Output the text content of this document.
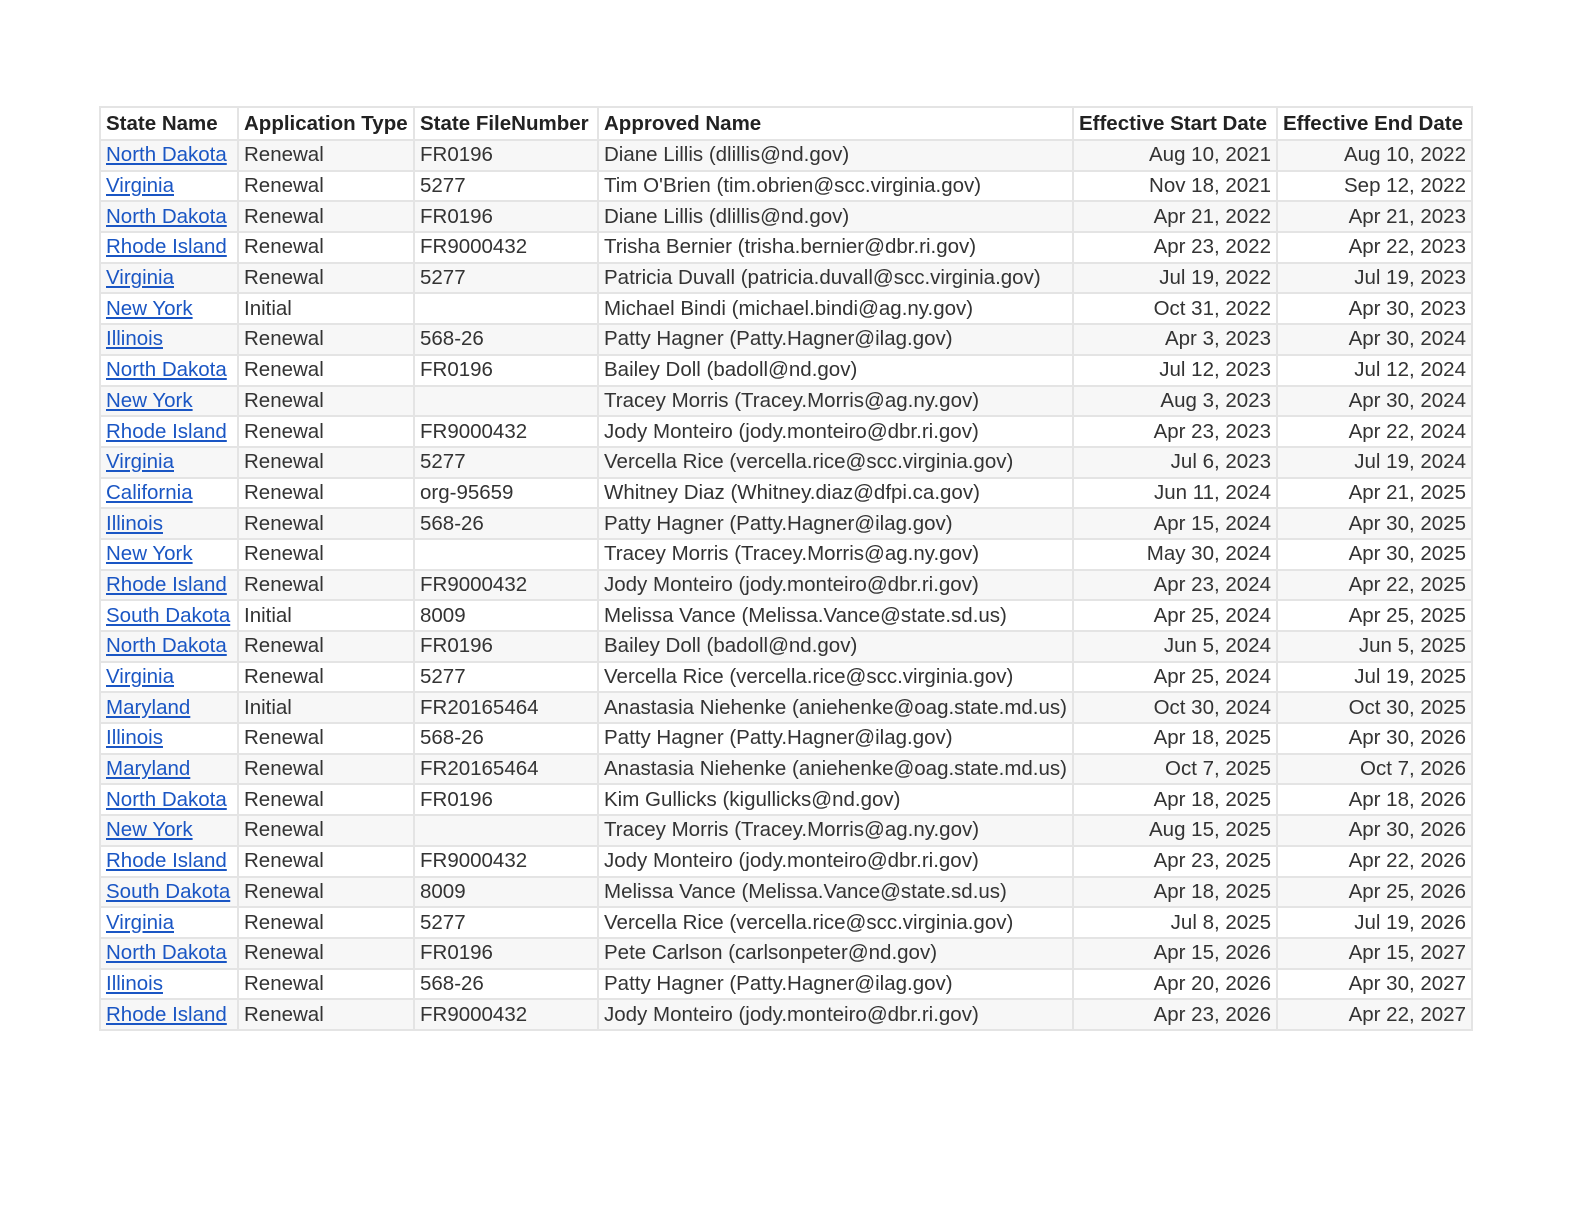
State Name	Application Type	State FileNumber	Approved Name	Effective Start Date	Effective End Date
North Dakota	Renewal	FR0196	Diane Lillis (dlillis@nd.gov)	Aug 10, 2021	Aug 10, 2022
Virginia	Renewal	5277	Tim O'Brien (tim.obrien@scc.virginia.gov)	Nov 18, 2021	Sep 12, 2022
North Dakota	Renewal	FR0196	Diane Lillis (dlillis@nd.gov)	Apr 21, 2022	Apr 21, 2023
Rhode Island	Renewal	FR9000432	Trisha Bernier (trisha.bernier@dbr.ri.gov)	Apr 23, 2022	Apr 22, 2023
Virginia	Renewal	5277	Patricia Duvall (patricia.duvall@scc.virginia.gov)	Jul 19, 2022	Jul 19, 2023
New York	Initial		Michael Bindi (michael.bindi@ag.ny.gov)	Oct 31, 2022	Apr 30, 2023
Illinois	Renewal	568-26	Patty Hagner (Patty.Hagner@ilag.gov)	Apr 3, 2023	Apr 30, 2024
North Dakota	Renewal	FR0196	Bailey Doll (badoll@nd.gov)	Jul 12, 2023	Jul 12, 2024
New York	Renewal		Tracey Morris (Tracey.Morris@ag.ny.gov)	Aug 3, 2023	Apr 30, 2024
Rhode Island	Renewal	FR9000432	Jody Monteiro (jody.monteiro@dbr.ri.gov)	Apr 23, 2023	Apr 22, 2024
Virginia	Renewal	5277	Vercella Rice (vercella.rice@scc.virginia.gov)	Jul 6, 2023	Jul 19, 2024
California	Renewal	org-95659	Whitney Diaz (Whitney.diaz@dfpi.ca.gov)	Jun 11, 2024	Apr 21, 2025
Illinois	Renewal	568-26	Patty Hagner (Patty.Hagner@ilag.gov)	Apr 15, 2024	Apr 30, 2025
New York	Renewal		Tracey Morris (Tracey.Morris@ag.ny.gov)	May 30, 2024	Apr 30, 2025
Rhode Island	Renewal	FR9000432	Jody Monteiro (jody.monteiro@dbr.ri.gov)	Apr 23, 2024	Apr 22, 2025
South Dakota	Initial	8009	Melissa Vance (Melissa.Vance@state.sd.us)	Apr 25, 2024	Apr 25, 2025
North Dakota	Renewal	FR0196	Bailey Doll (badoll@nd.gov)	Jun 5, 2024	Jun 5, 2025
Virginia	Renewal	5277	Vercella Rice (vercella.rice@scc.virginia.gov)	Apr 25, 2024	Jul 19, 2025
Maryland	Initial	FR20165464	Anastasia Niehenke (aniehenke@oag.state.md.us)	Oct 30, 2024	Oct 30, 2025
Illinois	Renewal	568-26	Patty Hagner (Patty.Hagner@ilag.gov)	Apr 18, 2025	Apr 30, 2026
Maryland	Renewal	FR20165464	Anastasia Niehenke (aniehenke@oag.state.md.us)	Oct 7, 2025	Oct 7, 2026
North Dakota	Renewal	FR0196	Kim Gullicks (kigullicks@nd.gov)	Apr 18, 2025	Apr 18, 2026
New York	Renewal		Tracey Morris (Tracey.Morris@ag.ny.gov)	Aug 15, 2025	Apr 30, 2026
Rhode Island	Renewal	FR9000432	Jody Monteiro (jody.monteiro@dbr.ri.gov)	Apr 23, 2025	Apr 22, 2026
South Dakota	Renewal	8009	Melissa Vance (Melissa.Vance@state.sd.us)	Apr 18, 2025	Apr 25, 2026
Virginia	Renewal	5277	Vercella Rice (vercella.rice@scc.virginia.gov)	Jul 8, 2025	Jul 19, 2026
North Dakota	Renewal	FR0196	Pete Carlson (carlsonpeter@nd.gov)	Apr 15, 2026	Apr 15, 2027
Illinois	Renewal	568-26	Patty Hagner (Patty.Hagner@ilag.gov)	Apr 20, 2026	Apr 30, 2027
Rhode Island	Renewal	FR9000432	Jody Monteiro (jody.monteiro@dbr.ri.gov)	Apr 23, 2026	Apr 22, 2027
